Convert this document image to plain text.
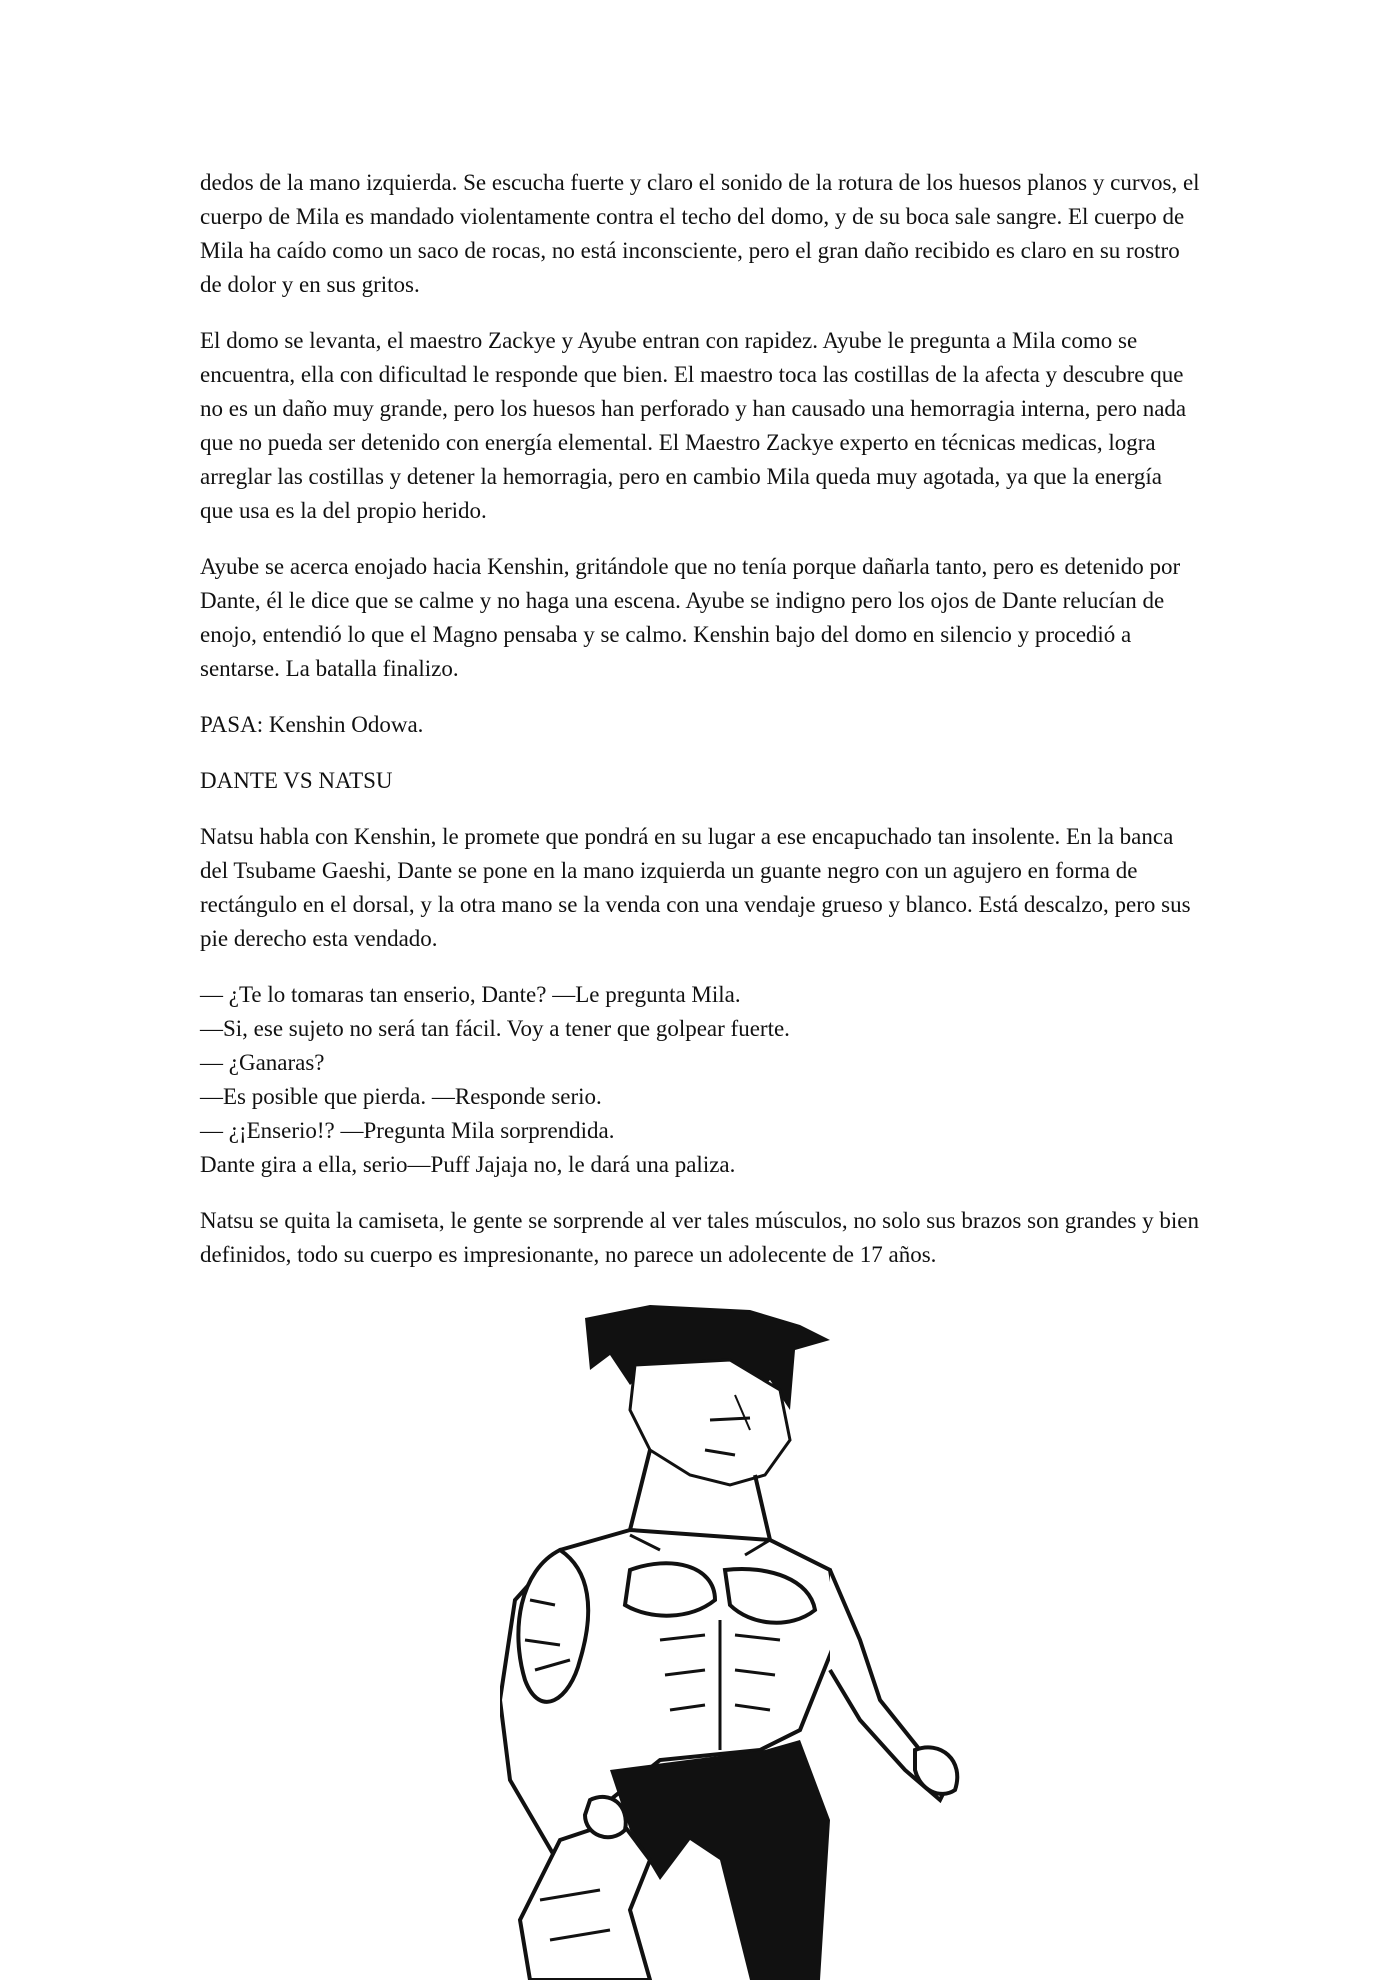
dedos de la mano izquierda. Se escucha fuerte y claro el sonido de la rotura de los huesos planos y curvos, el cuerpo de Mila es mandado violentamente contra el techo del domo, y de su boca sale sangre. El cuerpo de Mila ha caído como un saco de rocas, no está inconsciente, pero el gran daño recibido es claro en su rostro de dolor y en sus gritos.

El domo se levanta, el maestro Zackye y Ayube entran con rapidez. Ayube le pregunta a Mila como se encuentra, ella con dificultad le responde que bien. El maestro toca las costillas de la afecta y descubre que no es un daño muy grande, pero los huesos han perforado y han causado una hemorragia interna, pero nada que no pueda ser detenido con energía elemental. El Maestro Zackye experto en técnicas medicas, logra arreglar las costillas y detener la hemorragia, pero en cambio Mila queda muy agotada, ya que la energía que usa es la del propio herido.

Ayube se acerca enojado hacia Kenshin, gritándole que no tenía porque dañarla tanto, pero es detenido por Dante, él le dice que se calme y no haga una escena. Ayube se indigno pero los ojos de Dante relucían de enojo, entendió lo que el Magno pensaba y se calmo. Kenshin bajo del domo en silencio y procedió a sentarse. La batalla finalizo.

PASA: Kenshin Odowa.

DANTE VS NATSU

Natsu habla con Kenshin, le promete que pondrá en su lugar a ese encapuchado tan insolente. En la banca del Tsubame Gaeshi, Dante se pone en la mano izquierda un guante negro con un agujero en forma de rectángulo en el dorsal, y la otra mano se la venda con una vendaje grueso y blanco. Está descalzo, pero sus pie derecho esta vendado.

— ¿Te lo tomaras tan enserio, Dante? —Le pregunta Mila.
—Si, ese sujeto no será tan fácil. Voy a tener que golpear fuerte.
— ¿Ganaras?
—Es posible que pierda. —Responde serio.
— ¿¡Enserio!? —Pregunta Mila sorprendida.
Dante gira a ella, serio—Puff Jajaja no, le dará una paliza.

Natsu se quita la camiseta, le gente se sorprende al ver tales músculos, no solo sus brazos son grandes y bien definidos, todo su cuerpo es impresionante, no parece un adolecente de 17 años.
